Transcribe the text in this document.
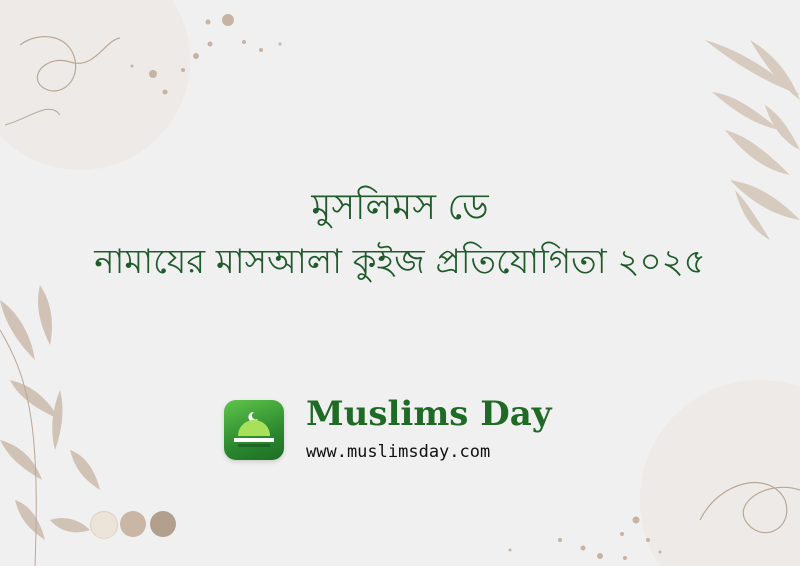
মুসলিমস ডে
নামাযের মাসআলা কুইজ প্রতিযোগিতা ২০২৫
Muslims Day
www.muslimsday.com
